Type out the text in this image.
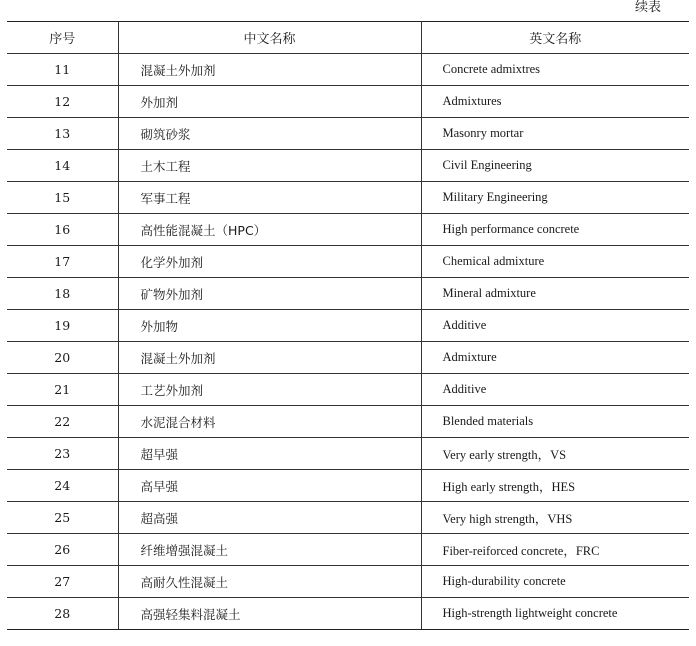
续表
序号	中文名称	英文名称
11	混凝土外加剂	Concrete admixtres
12	外加剂	Admixtures
13	砌筑砂浆	Masonry mortar
14	土木工程	Civil Engineering
15	军事工程	Military Engineering
16	高性能混凝土（HPC）	High performance concrete
17	化学外加剂	Chemical admixture
18	矿物外加剂	Mineral admixture
19	外加物	Additive
20	混凝土外加剂	Admixture
21	工艺外加剂	Additive
22	水泥混合材料	Blended materials
23	超早强	Very early strength，VS
24	高早强	High early strength，HES
25	超高强	Very high strength，VHS
26	纤维增强混凝土	Fiber-reiforced concrete，FRC
27	高耐久性混凝土	High-durability concrete
28	高强轻集料混凝土	High-strength lightweight concrete
